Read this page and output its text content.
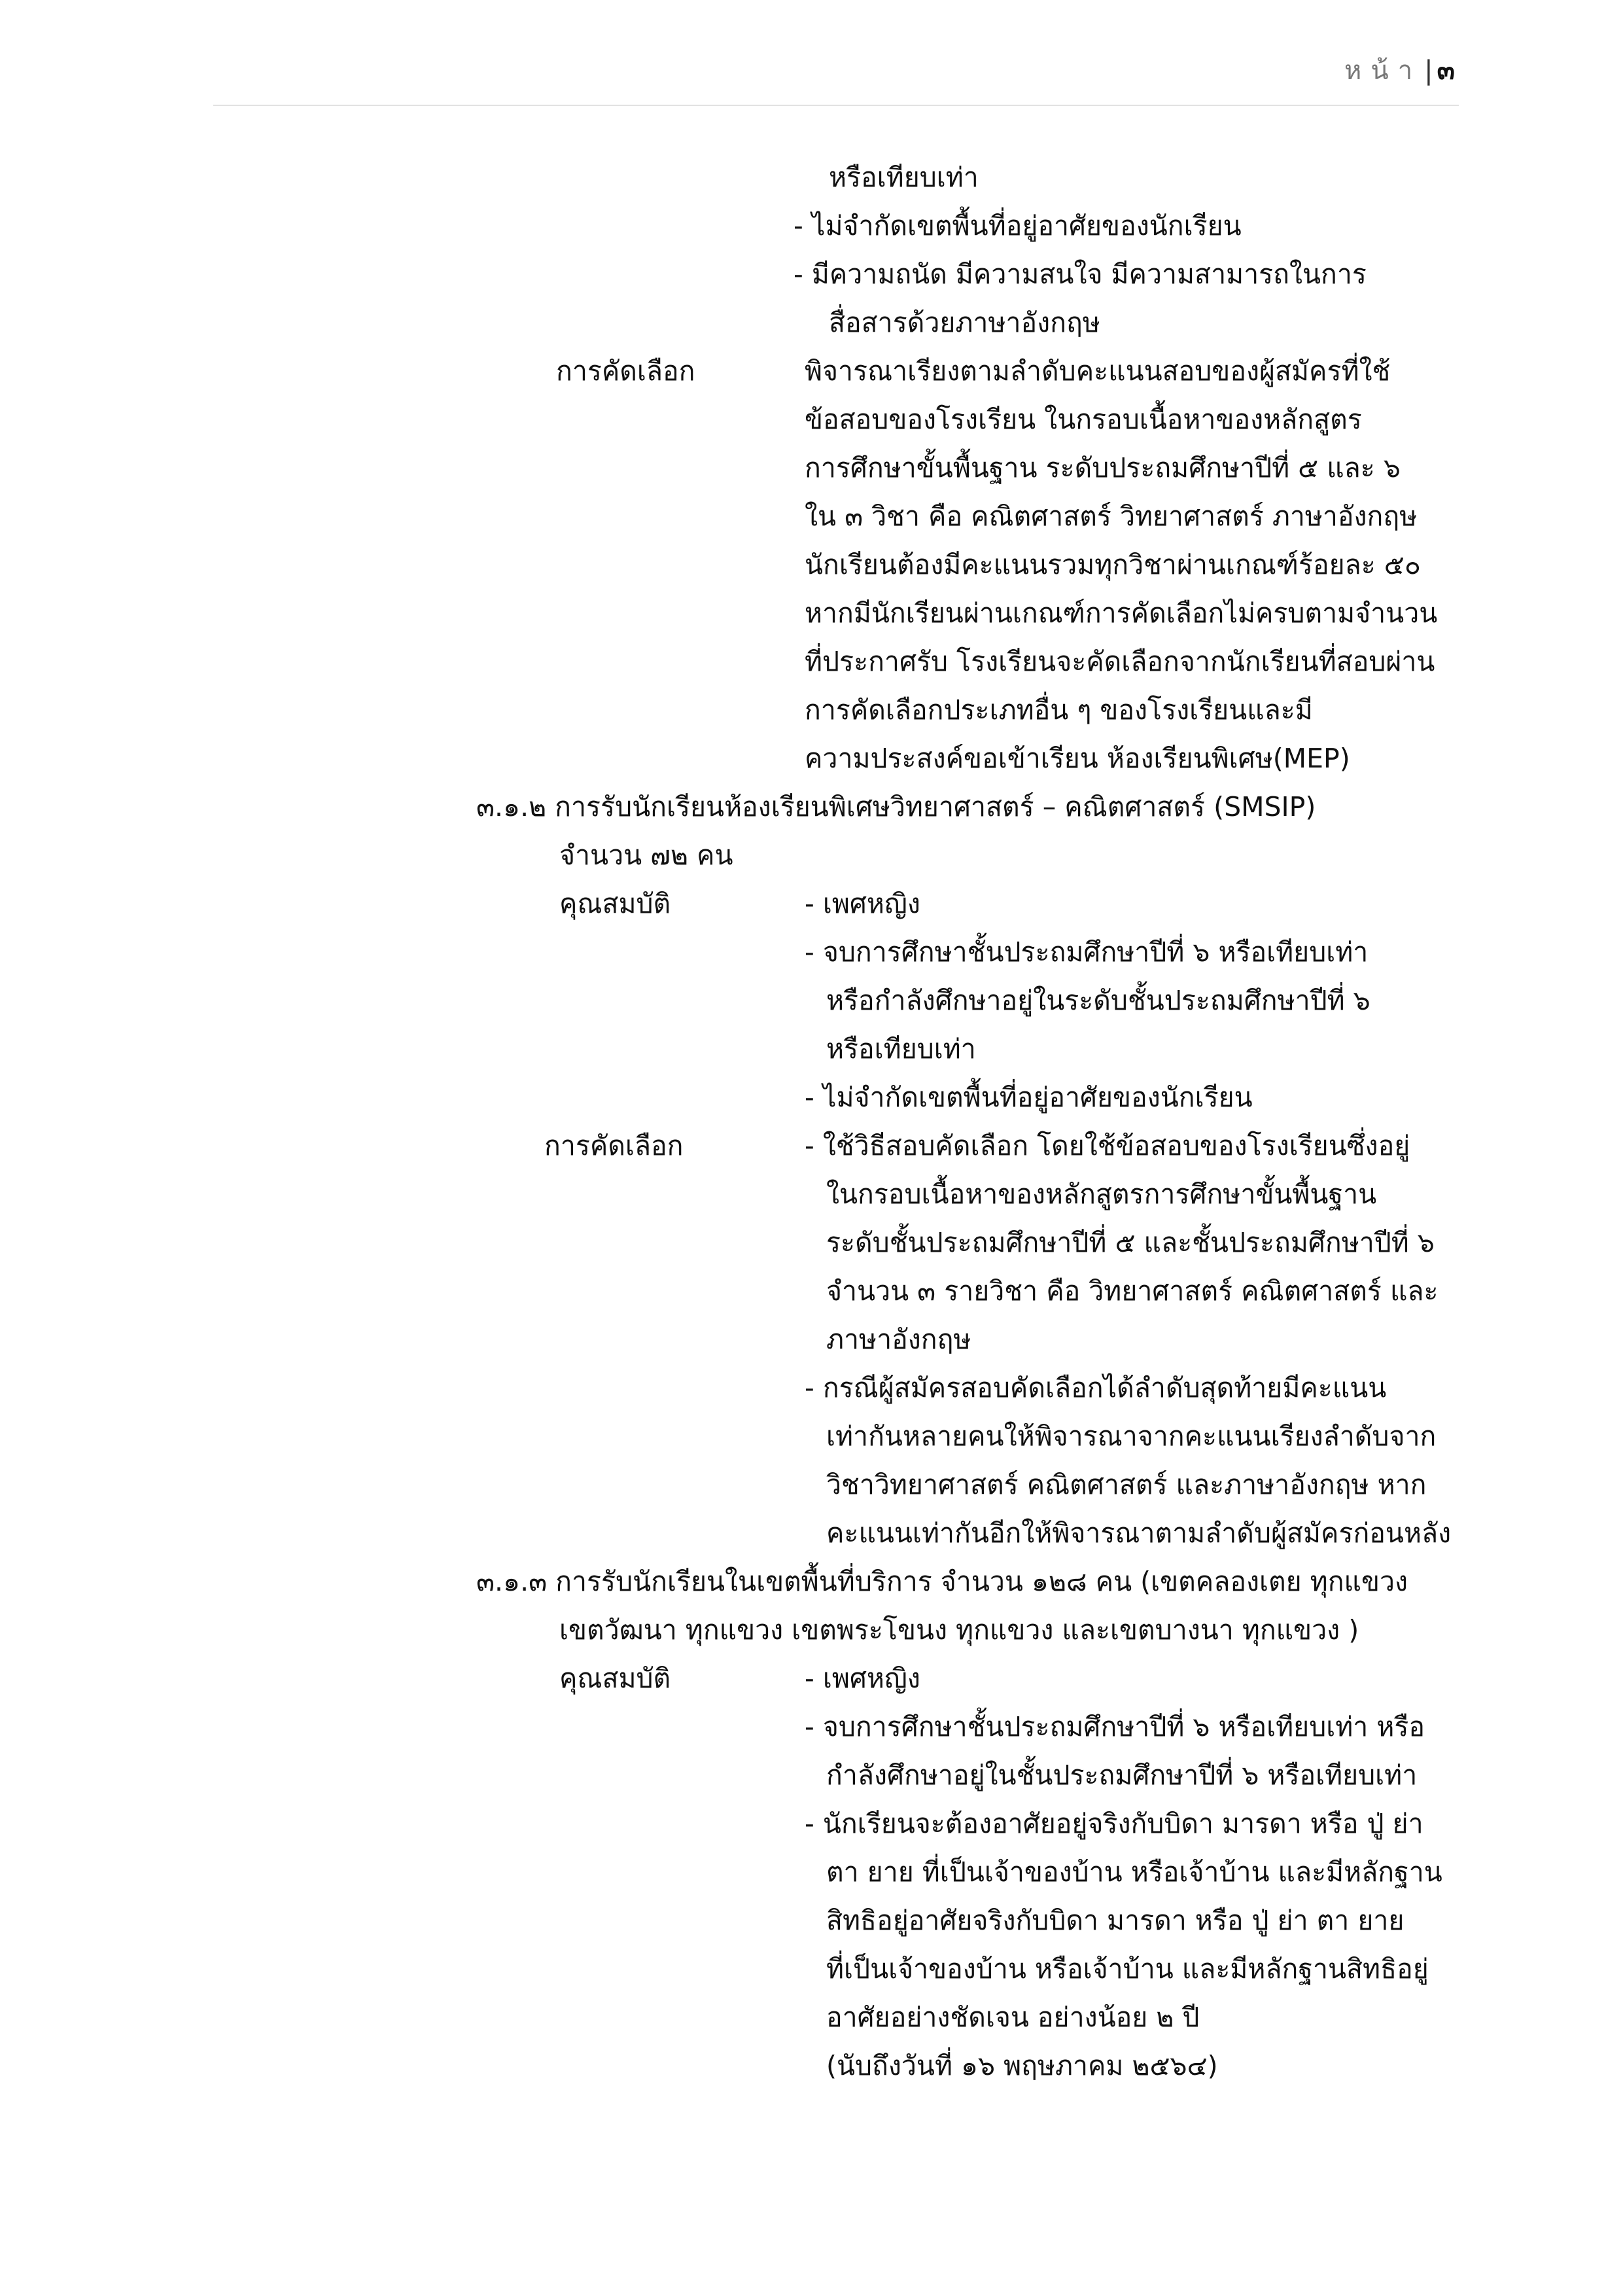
หน้า | ๓
หรือเทียบเท่า
- ไม่จำกัดเขตพื้นที่อยู่อาศัยของนักเรียน
- มีความถนัด มีความสนใจ มีความสามารถในการ
สื่อสารด้วยภาษาอังกฤษ
การคัดเลือก	พิจารณาเรียงตามลำดับคะแนนสอบของผู้สมัครที่ใช้
ข้อสอบของโรงเรียน ในกรอบเนื้อหาของหลักสูตร
การศึกษาขั้นพื้นฐาน ระดับประถมศึกษาปีที่ ๕ และ ๖
ใน ๓ วิชา คือ คณิตศาสตร์ วิทยาศาสตร์ ภาษาอังกฤษ
นักเรียนต้องมีคะแนนรวมทุกวิชาผ่านเกณฑ์ร้อยละ ๕๐
หากมีนักเรียนผ่านเกณฑ์การคัดเลือกไม่ครบตามจำนวน
ที่ประกาศรับ โรงเรียนจะคัดเลือกจากนักเรียนที่สอบผ่าน
การคัดเลือกประเภทอื่น ๆ ของโรงเรียนและมี
ความประสงค์ขอเข้าเรียน ห้องเรียนพิเศษ(MEP)
๓.๑.๒ การรับนักเรียนห้องเรียนพิเศษวิทยาศาสตร์ – คณิตศาสตร์ (SMSIP)
จำนวน ๗๒ คน
คุณสมบัติ	- เพศหญิง
- จบการศึกษาชั้นประถมศึกษาปีที่ ๖ หรือเทียบเท่า
หรือกำลังศึกษาอยู่ในระดับชั้นประถมศึกษาปีที่ ๖
หรือเทียบเท่า
- ไม่จำกัดเขตพื้นที่อยู่อาศัยของนักเรียน
การคัดเลือก	- ใช้วิธีสอบคัดเลือก โดยใช้ข้อสอบของโรงเรียนซึ่งอยู่
ในกรอบเนื้อหาของหลักสูตรการศึกษาขั้นพื้นฐาน
ระดับชั้นประถมศึกษาปีที่ ๕ และชั้นประถมศึกษาปีที่ ๖
จำนวน ๓ รายวิชา คือ วิทยาศาสตร์ คณิตศาสตร์ และ
ภาษาอังกฤษ
- กรณีผู้สมัครสอบคัดเลือกได้ลำดับสุดท้ายมีคะแนน
เท่ากันหลายคนให้พิจารณาจากคะแนนเรียงลำดับจาก
วิชาวิทยาศาสตร์ คณิตศาสตร์ และภาษาอังกฤษ หาก
คะแนนเท่ากันอีกให้พิจารณาตามลำดับผู้สมัครก่อนหลัง
๓.๑.๓ การรับนักเรียนในเขตพื้นที่บริการ จำนวน ๑๒๘ คน (เขตคลองเตย ทุกแขวง
เขตวัฒนา ทุกแขวง เขตพระโขนง ทุกแขวง และเขตบางนา ทุกแขวง )
คุณสมบัติ	- เพศหญิง
- จบการศึกษาชั้นประถมศึกษาปีที่ ๖ หรือเทียบเท่า หรือ
กำลังศึกษาอยู่ในชั้นประถมศึกษาปีที่ ๖ หรือเทียบเท่า
- นักเรียนจะต้องอาศัยอยู่จริงกับบิดา มารดา หรือ ปู่ ย่า
ตา ยาย ที่เป็นเจ้าของบ้าน หรือเจ้าบ้าน และมีหลักฐาน
สิทธิอยู่อาศัยจริงกับบิดา มารดา หรือ ปู่ ย่า ตา ยาย
ที่เป็นเจ้าของบ้าน หรือเจ้าบ้าน และมีหลักฐานสิทธิอยู่
อาศัยอย่างชัดเจน อย่างน้อย ๒ ปี
(นับถึงวันที่ ๑๖ พฤษภาคม ๒๕๖๔)
